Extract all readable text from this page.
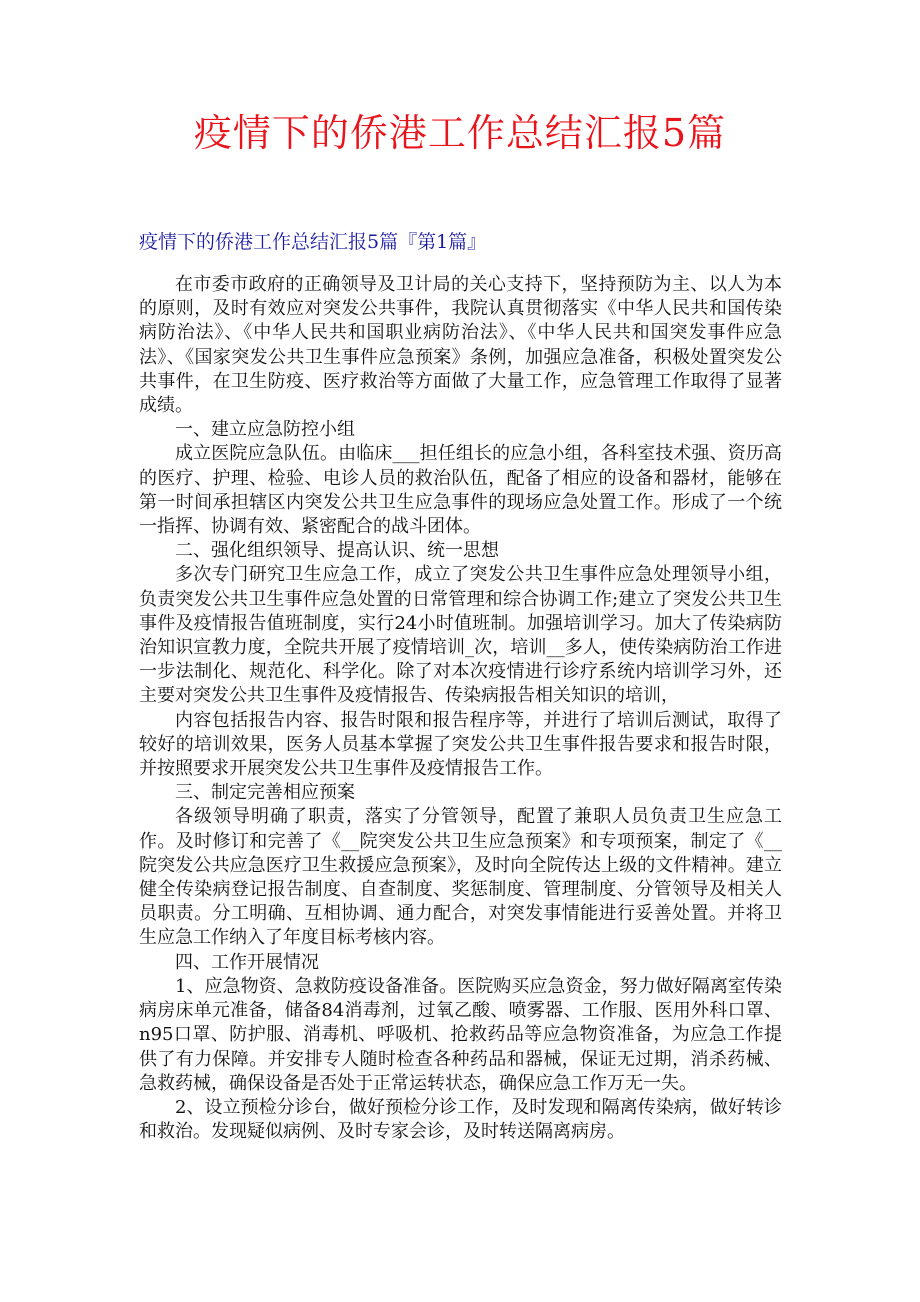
疫情下的侨港工作总结汇报5篇
疫情下的侨港工作总结汇报5篇『第1篇』

在市委市政府的正确领导及卫计局的关心支持下，坚持预防为主、以人为本的原则，及时有效应对突发公共事件，我院认真贯彻落实《中华人民共和国传染病防治法》、《中华人民共和国职业病防治法》、《中华人民共和国突发事件应急法》、《国家突发公共卫生事件应急预案》条例，加强应急准备，积极处置突发公共事件，在卫生防疫、医疗救治等方面做了大量工作，应急管理工作取得了显著成绩。

一、建立应急防控小组

成立医院应急队伍。由临床___担任组长的应急小组，各科室技术强、资历高的医疗、护理、检验、电诊人员的救治队伍，配备了相应的设备和器材，能够在第一时间承担辖区内突发公共卫生应急事件的现场应急处置工作。形成了一个统一指挥、协调有效、紧密配合的战斗团体。

二、强化组织领导、提高认识、统一思想

多次专门研究卫生应急工作，成立了突发公共卫生事件应急处理领导小组，负责突发公共卫生事件应急处置的日常管理和综合协调工作;建立了突发公共卫生事件及疫情报告值班制度，实行24小时值班制。加强培训学习。加大了传染病防治知识宣教力度，全院共开展了疫情培训_次，培训__多人，使传染病防治工作进一步法制化、规范化、科学化。除了对本次疫情进行诊疗系统内培训学习外，还主要对突发公共卫生事件及疫情报告、传染病报告相关知识的培训，

内容包括报告内容、报告时限和报告程序等，并进行了培训后测试，取得了较好的培训效果，医务人员基本掌握了突发公共卫生事件报告要求和报告时限，并按照要求开展突发公共卫生事件及疫情报告工作。

三、制定完善相应预案

各级领导明确了职责，落实了分管领导，配置了兼职人员负责卫生应急工作。及时修订和完善了《__院突发公共卫生应急预案》和专项预案，制定了《__院突发公共应急医疗卫生救援应急预案》，及时向全院传达上级的文件精神。建立健全传染病登记报告制度、自查制度、奖惩制度、管理制度、分管领导及相关人员职责。分工明确、互相协调、通力配合，对突发事情能进行妥善处置。并将卫生应急工作纳入了年度目标考核内容。

四、工作开展情况

1、应急物资、急救防疫设备准备。医院购买应急资金，努力做好隔离室传染病房床单元准备，储备84消毒剂，过氧乙酸、喷雾器、工作服、医用外科口罩、n95口罩、防护服、消毒机、呼吸机、抢救药品等应急物资准备，为应急工作提供了有力保障。并安排专人随时检查各种药品和器械，保证无过期，消杀药械、急救药械，确保设备是否处于正常运转状态，确保应急工作万无一失。

2、设立预检分诊台，做好预检分诊工作，及时发现和隔离传染病，做好转诊和救治。发现疑似病例、及时专家会诊，及时转送隔离病房。
